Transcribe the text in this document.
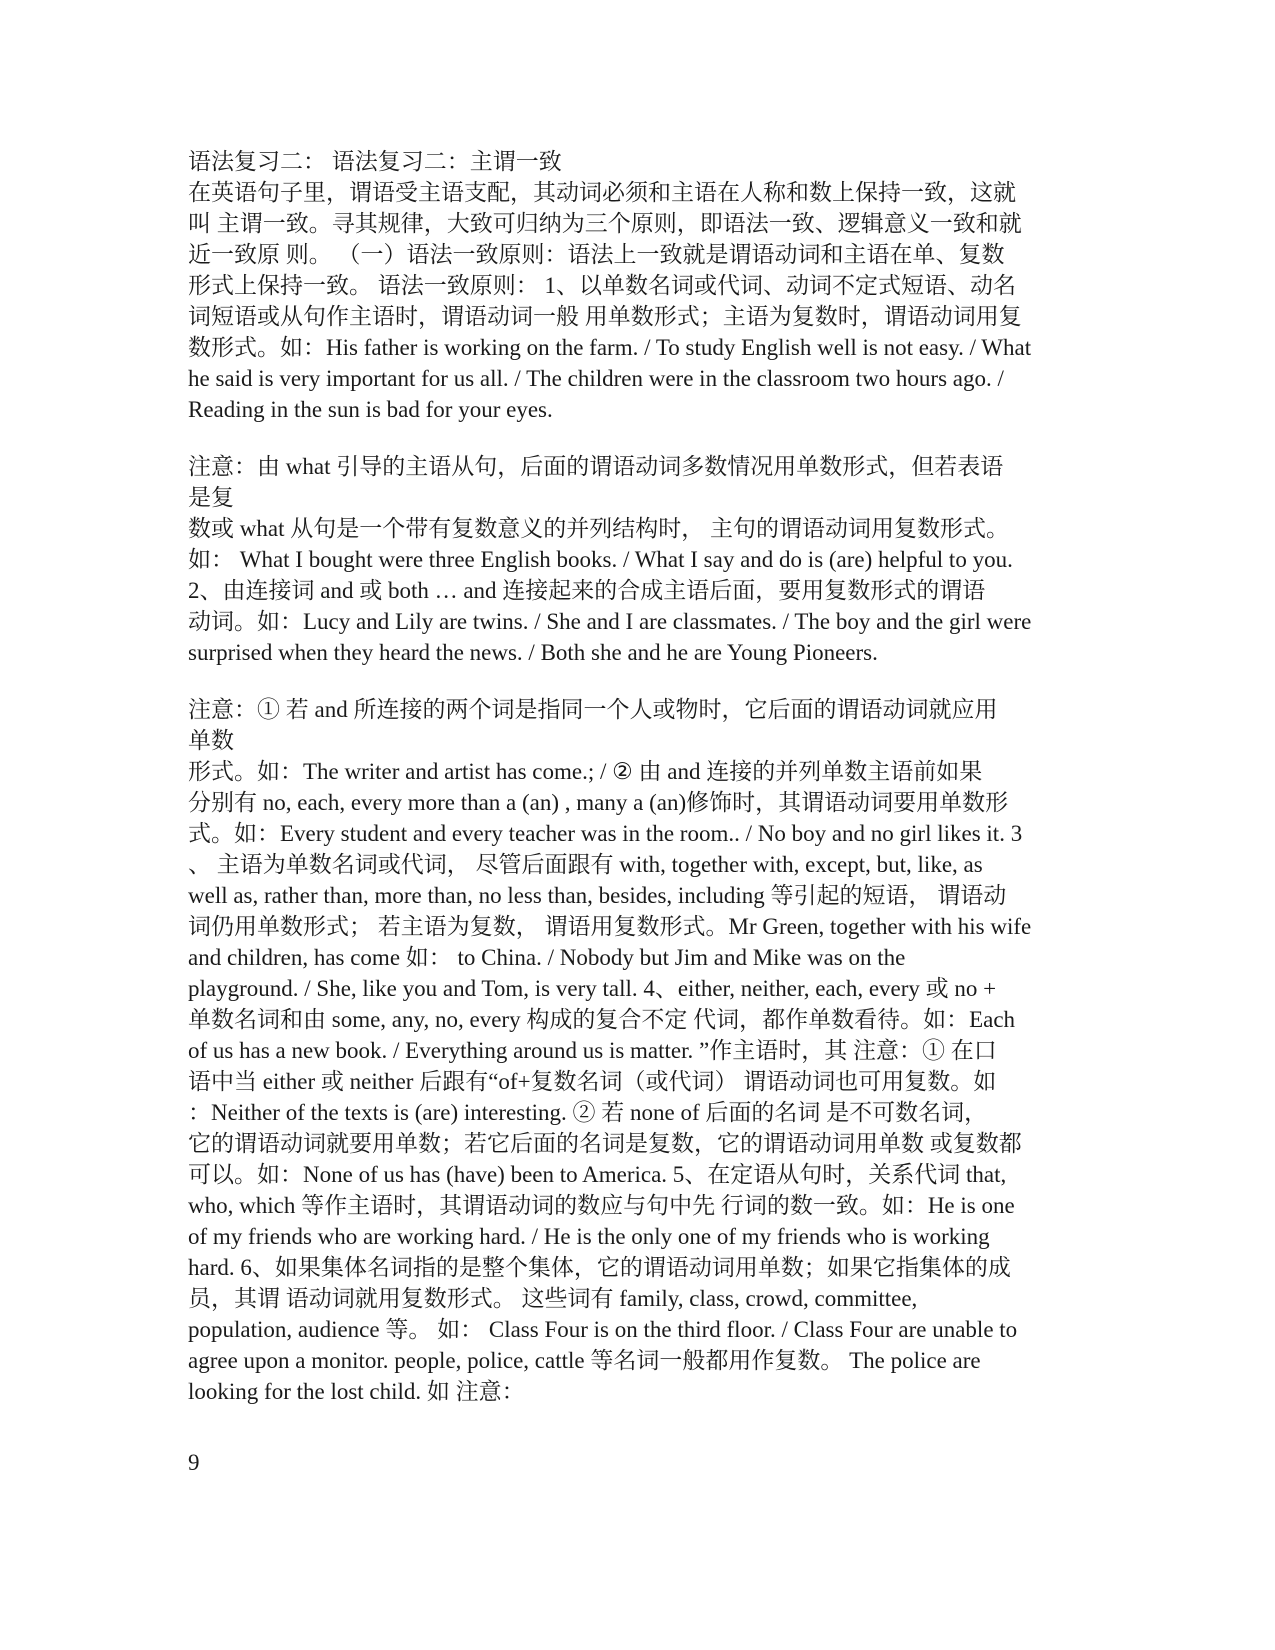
语法复习二： 语法复习二：主谓一致
在英语句子里，谓语受主语支配，其动词必须和主语在人称和数上保持一致，这就
叫 主谓一致。寻其规律，大致可归纳为三个原则，即语法一致、逻辑意义一致和就
近一致原 则。 （一）语法一致原则：语法上一致就是谓语动词和主语在单、复数
形式上保持一致。 语法一致原则： 1、以单数名词或代词、动词不定式短语、动名
词短语或从句作主语时，谓语动词一般 用单数形式；主语为复数时，谓语动词用复
数形式。如：His father is working on the farm. / To study English well is not easy. / What
he said is very important for us all. / The children were in the classroom two hours ago. /
Reading in the sun is bad for your eyes.
注意：由 what 引导的主语从句，后面的谓语动词多数情况用单数形式，但若表语
是复
数或 what 从句是一个带有复数意义的并列结构时， 主句的谓语动词用复数形式。
如： What I bought were three English books. / What I say and do is (are) helpful to you.
2、由连接词 and 或 both … and 连接起来的合成主语后面，要用复数形式的谓语
动词。如：Lucy and Lily are twins. / She and I are classmates. / The boy and the girl were
surprised when they heard the news. / Both she and he are Young Pioneers.
注意：① 若 and 所连接的两个词是指同一个人或物时，它后面的谓语动词就应用
单数
形式。如：The writer and artist has come.; / ② 由 and 连接的并列单数主语前如果
分别有 no, each, every more than a (an) , many a (an)修饰时，其谓语动词要用单数形
式。如：Every student and every teacher was in the room.. / No boy and no girl likes it. 3
、 主语为单数名词或代词， 尽管后面跟有 with, together with, except, but, like, as
well as, rather than, more than, no less than, besides, including 等引起的短语， 谓语动
词仍用单数形式； 若主语为复数， 谓语用复数形式。Mr Green, together with his wife
and children, has come 如： to China. / Nobody but Jim and Mike was on the
playground. / She, like you and Tom, is very tall. 4、either, neither, each, every 或 no +
单数名词和由 some, any, no, every 构成的复合不定 代词，都作单数看待。如：Each
of us has a new book. / Everything around us is matter. ”作主语时，其 注意：① 在口
语中当 either 或 neither 后跟有“of+复数名词（或代词） 谓语动词也可用复数。如
：Neither of the texts is (are) interesting. ② 若 none of 后面的名词 是不可数名词，
它的谓语动词就要用单数；若它后面的名词是复数，它的谓语动词用单数 或复数都
可以。如：None of us has (have) been to America. 5、在定语从句时，关系代词 that,
who, which 等作主语时，其谓语动词的数应与句中先 行词的数一致。如：He is one
of my friends who are working hard. / He is the only one of my friends who is working
hard. 6、如果集体名词指的是整个集体，它的谓语动词用单数；如果它指集体的成
员，其谓 语动词就用复数形式。 这些词有 family, class, crowd, committee,
population, audience 等。 如： Class Four is on the third floor. / Class Four are unable to
agree upon a monitor. people, police, cattle 等名词一般都用作复数。 The police are
looking for the lost child. 如 注意：
9
